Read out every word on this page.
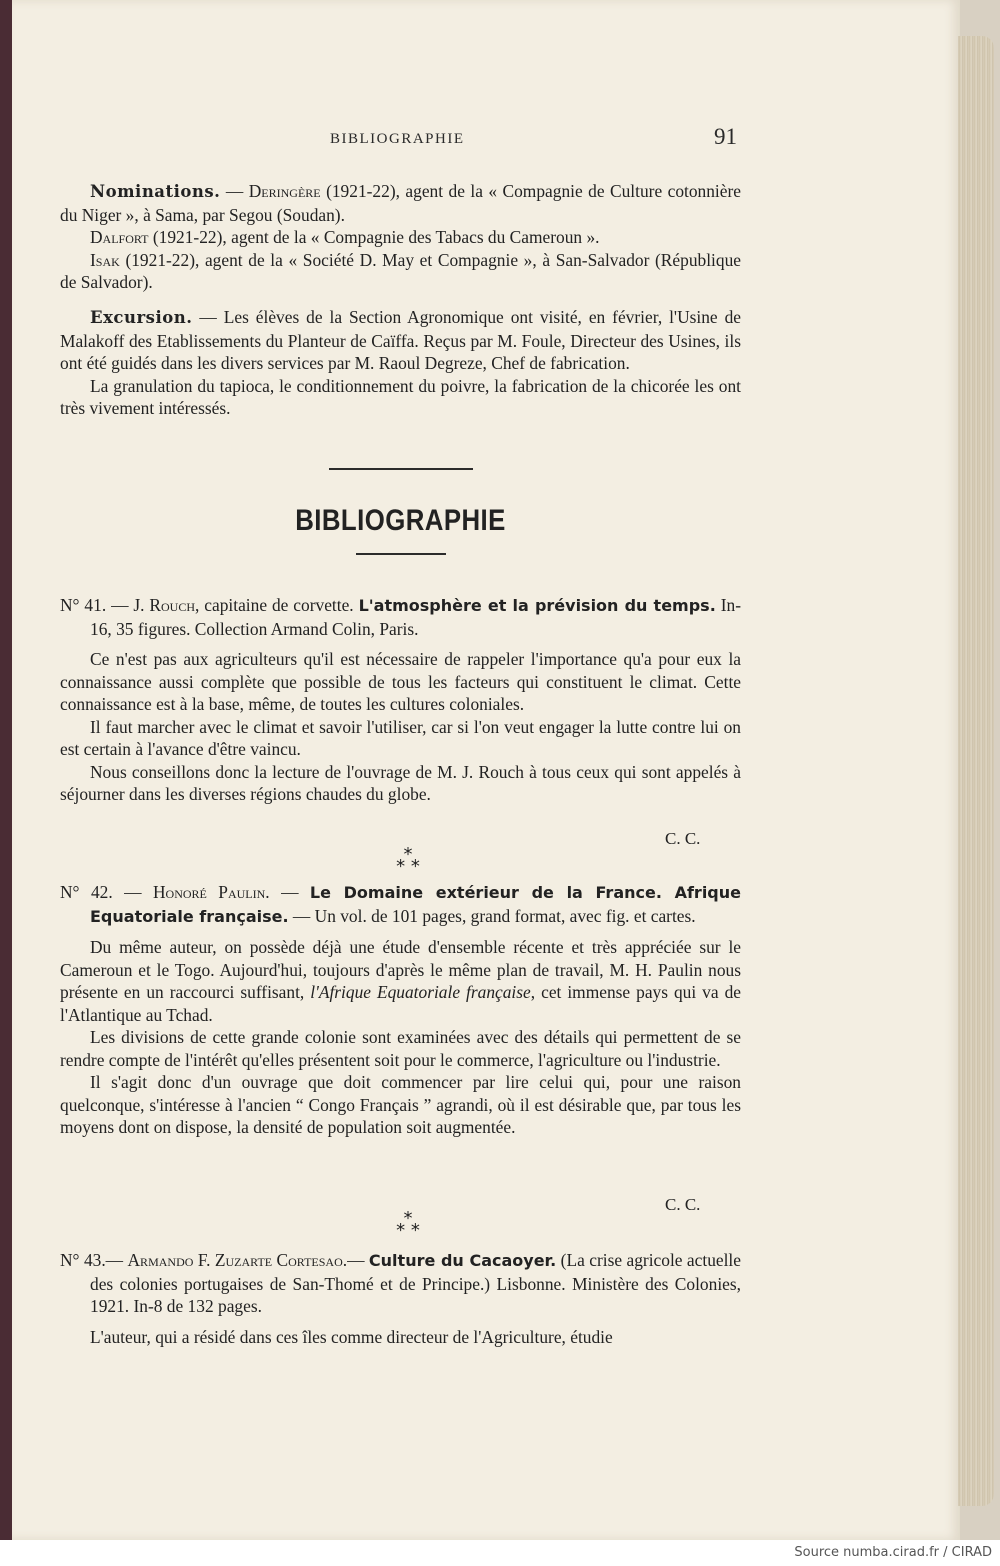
BIBLIOGRAPHIE	91

Nominations. — Deringère (1921-22), agent de la « Compagnie de Culture cotonnière du Niger », à Sama, par Segou (Soudan).

Dalfort (1921-22), agent de la « Compagnie des Tabacs du Cameroun ».

Isak (1921-22), agent de la « Société D. May et Compagnie », à San-Salvador (République de Salvador).

Excursion. — Les élèves de la Section Agronomique ont visité, en février, l'Usine de Malakoff des Etablissements du Planteur de Caïffa. Reçus par M. Foule, Directeur des Usines, ils ont été guidés dans les divers services par M. Raoul Degreze, Chef de fabrication.

La granulation du tapioca, le conditionnement du poivre, la fabrication de la chicorée les ont très vivement intéressés.

BIBLIOGRAPHIE

N° 41. — J. Rouch, capitaine de corvette. L'atmosphère et la prévision du temps. In-16, 35 figures. Collection Armand Colin, Paris.

Ce n'est pas aux agriculteurs qu'il est nécessaire de rappeler l'importance qu'a pour eux la connaissance aussi complète que possible de tous les facteurs qui constituent le climat. Cette connaissance est à la base, même, de toutes les cultures coloniales.

Il faut marcher avec le climat et savoir l'utiliser, car si l'on veut engager la lutte contre lui on est certain à l'avance d'être vaincu.

Nous conseillons donc la lecture de l'ouvrage de M. J. Rouch à tous ceux qui sont appelés à séjourner dans les diverses régions chaudes du globe.

C. C.
*
* *

N° 42. — Honoré Paulin. — Le Domaine extérieur de la France. Afrique Equatoriale française. — Un vol. de 101 pages, grand format, avec fig. et cartes.

Du même auteur, on possède déjà une étude d'ensemble récente et très appréciée sur le Cameroun et le Togo. Aujourd'hui, toujours d'après le même plan de travail, M. H. Paulin nous présente en un raccourci suffisant, l'Afrique Equatoriale française, cet immense pays qui va de l'Atlantique au Tchad.

Les divisions de cette grande colonie sont examinées avec des détails qui permettent de se rendre compte de l'intérêt qu'elles présentent soit pour le commerce, l'agriculture ou l'industrie.

Il s'agit donc d'un ouvrage que doit commencer par lire celui qui, pour une raison quelconque, s'intéresse à l'ancien “ Congo Français ” agrandi, où il est désirable que, par tous les moyens dont on dispose, la densité de population soit augmentée.

C. C.
*
* *

N° 43.— Armando F. Zuzarte Cortesao.— Culture du Cacaoyer. (La crise agricole actuelle des colonies portugaises de San-Thomé et de Principe.) Lisbonne. Ministère des Colonies, 1921. In-8 de 132 pages.

L'auteur, qui a résidé dans ces îles comme directeur de l'Agriculture, étudie

Source numba.cirad.fr / CIRAD
